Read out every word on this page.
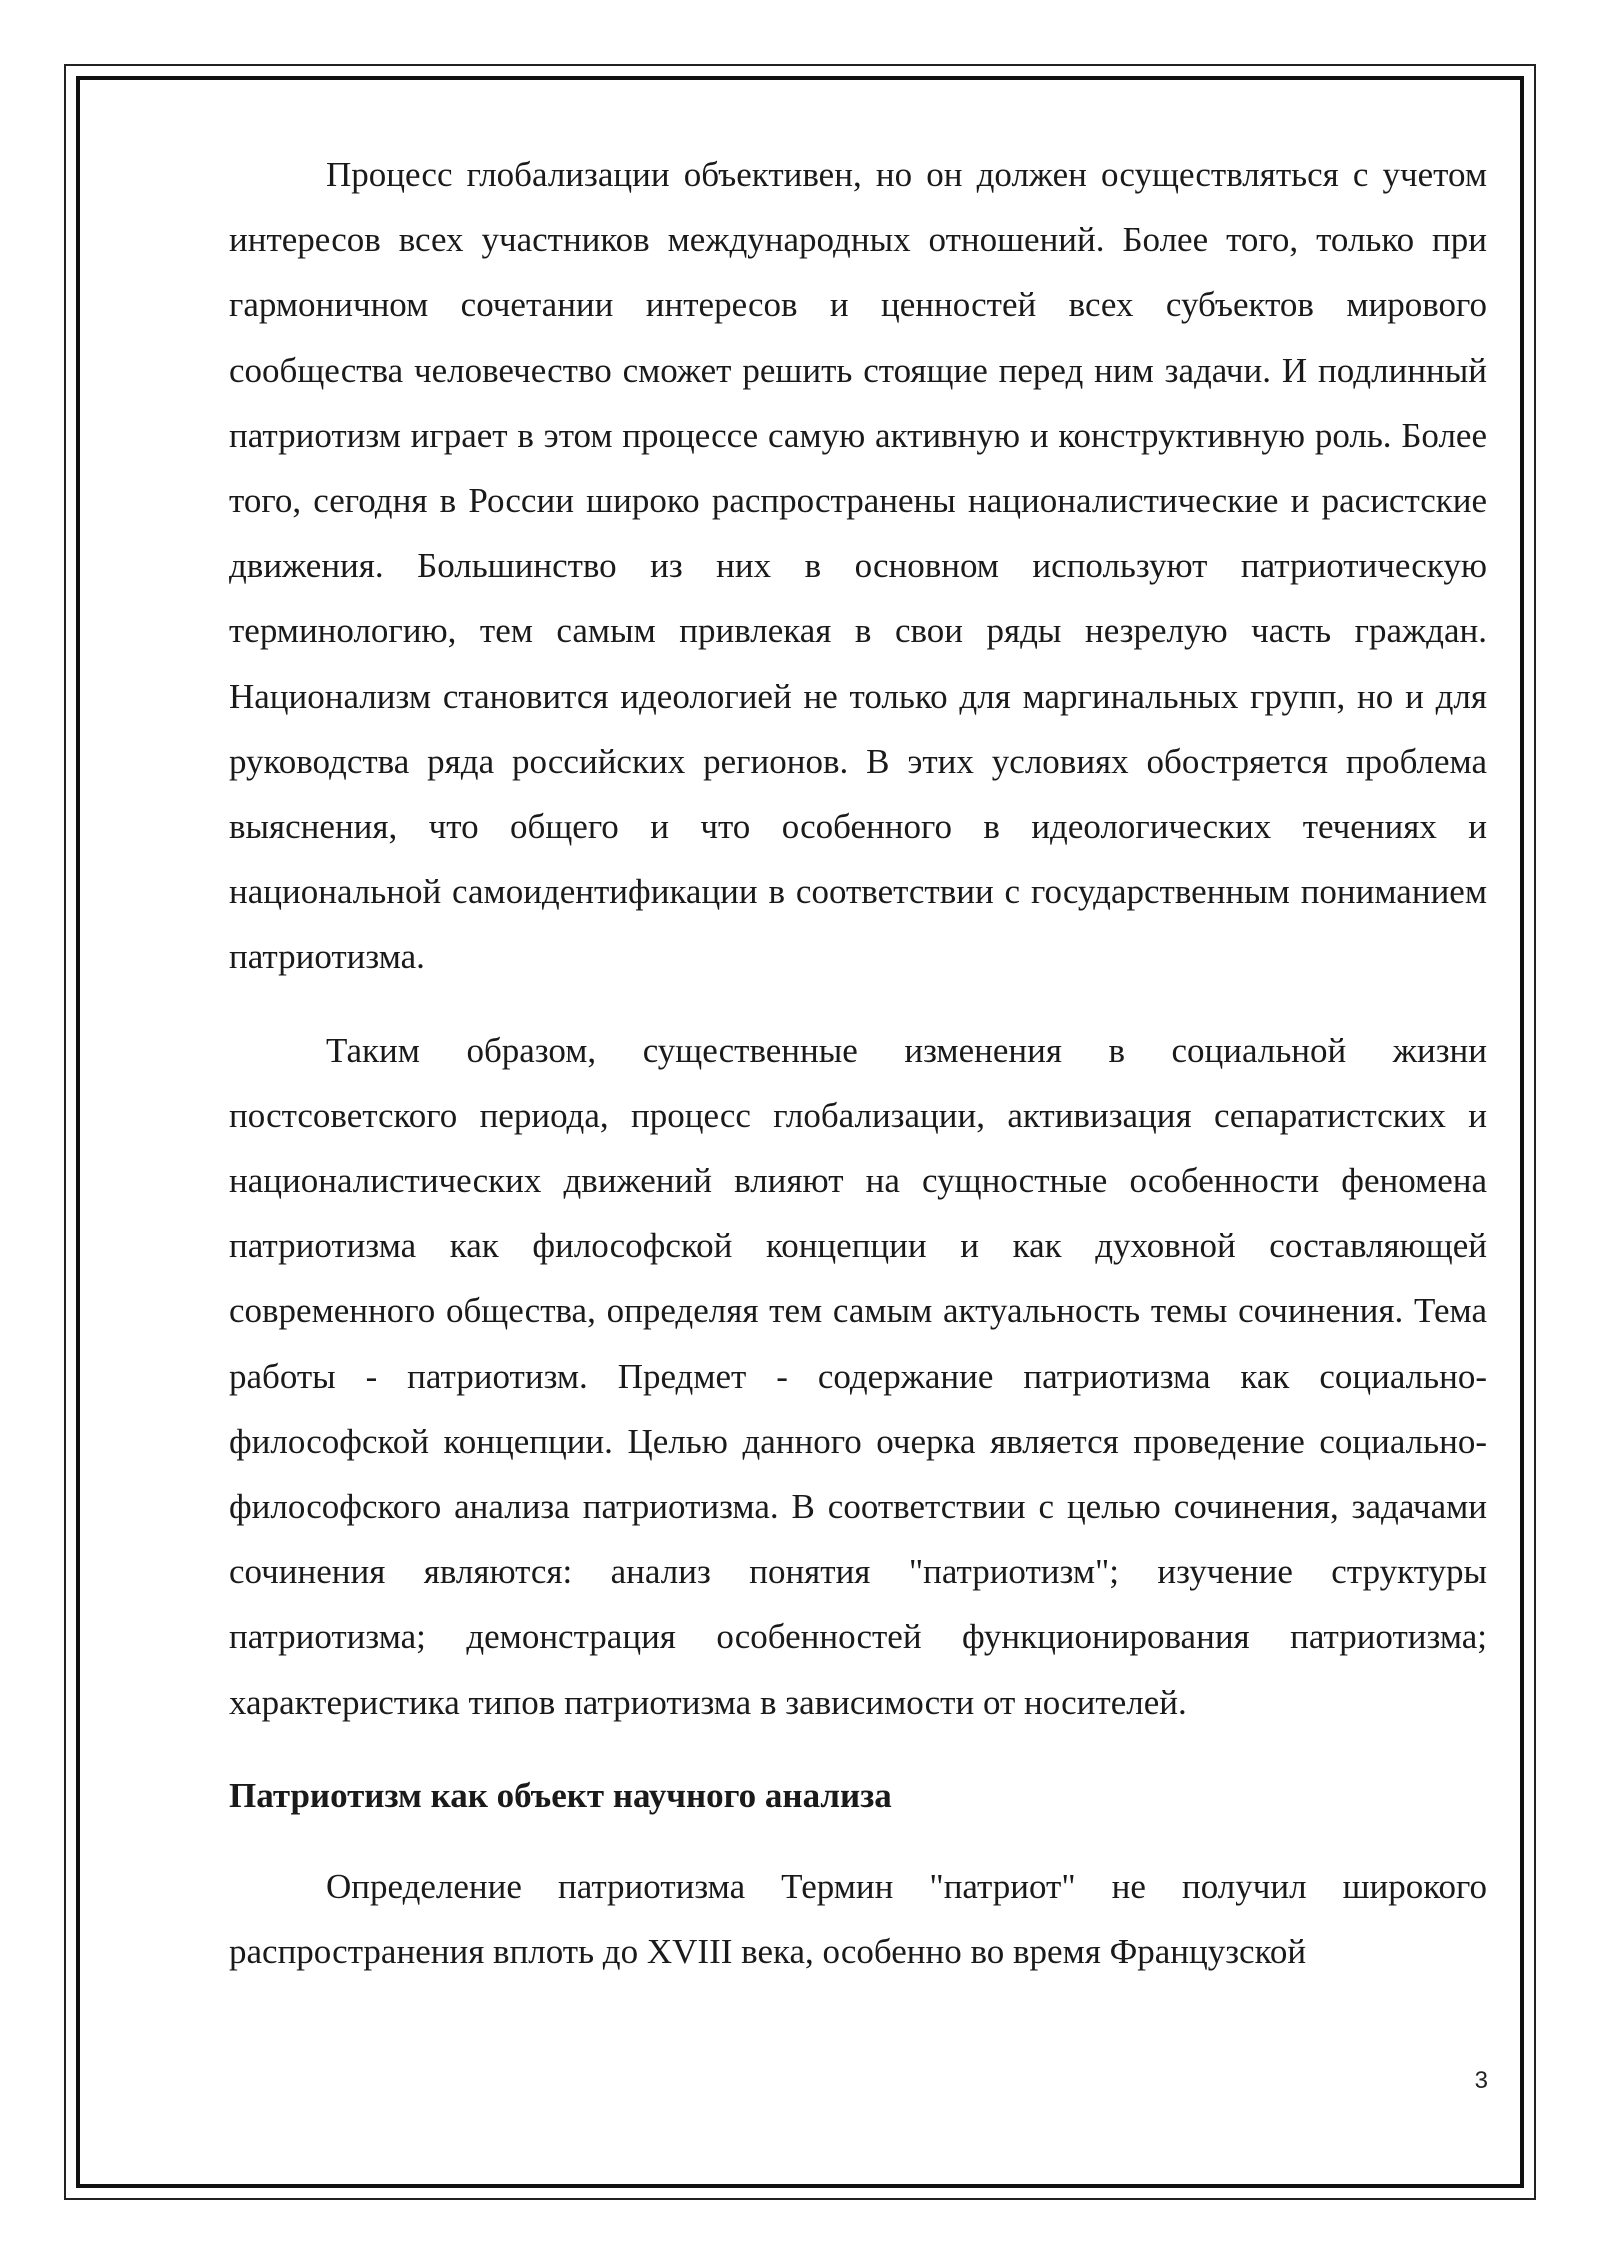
Процесс глобализации объективен, но он должен осуществляться с учетом интересов всех участников международных отношений. Более того, только при гармоничном сочетании интересов и ценностей всех субъектов мирового сообщества человечество сможет решить стоящие перед ним задачи. И подлинный патриотизм играет в этом процессе самую активную и конструктивную роль. Более того, сегодня в России широко распространены националистические и расистские движения. Большинство из них в основном используют патриотическую терминологию, тем самым привлекая в свои ряды незрелую часть граждан. Национализм становится идеологией не только для маргинальных групп, но и для руководства ряда российских регионов. В этих условиях обостряется проблема выяснения, что общего и что особенного в идеологических течениях и национальной самоидентификации в соответствии с государственным пониманием патриотизма.

Таким образом, существенные изменения в социальной жизни постсоветского периода, процесс глобализации, активизация сепаратистских и националистических движений влияют на сущностные особенности феномена патриотизма как философской концепции и как духовной составляющей современного общества, определяя тем самым актуальность темы сочинения. Тема работы - патриотизм. Предмет - содержание патриотизма как социально-философской концепции. Целью данного очерка является проведение социально-философского анализа патриотизма. В соответствии с целью сочинения, задачами сочинения являются: анализ понятия "патриотизм"; изучение структуры патриотизма; демонстрация особенностей функционирования патриотизма; характеристика типов патриотизма в зависимости от носителей.

Патриотизм как объект научного анализа

Определение патриотизма Термин "патриот" не получил широкого распространения вплоть до XVIII века, особенно во время Французской

3
